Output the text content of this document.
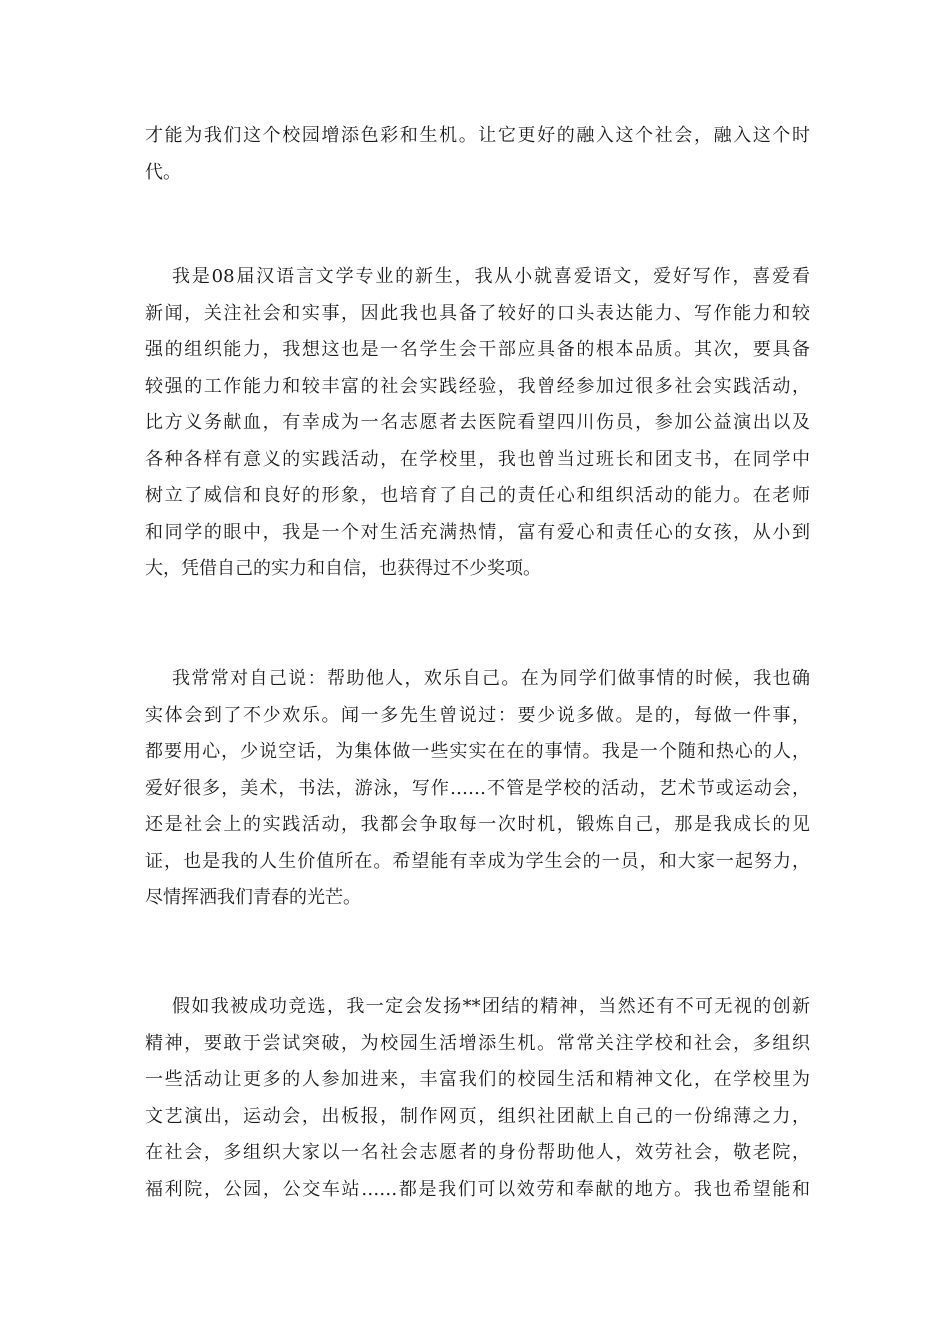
才能为我们这个校园增添色彩和生机。让它更好的融入这个社会，融入这个时
代。
我是08届汉语言文学专业的新生，我从小就喜爱语文，爱好写作，喜爱看
新闻，关注社会和实事，因此我也具备了较好的口头表达能力、写作能力和较
强的组织能力，我想这也是一名学生会干部应具备的根本品质。其次，要具备
较强的工作能力和较丰富的社会实践经验，我曾经参加过很多社会实践活动，
比方义务献血，有幸成为一名志愿者去医院看望四川伤员，参加公益演出以及
各种各样有意义的实践活动，在学校里，我也曾当过班长和团支书，在同学中
树立了威信和良好的形象，也培育了自己的责任心和组织活动的能力。在老师
和同学的眼中，我是一个对生活充满热情，富有爱心和责任心的女孩，从小到
大，凭借自己的实力和自信，也获得过不少奖项。
我常常对自己说：帮助他人，欢乐自己。在为同学们做事情的时候，我也确
实体会到了不少欢乐。闻一多先生曾说过：要少说多做。是的，每做一件事，
都要用心，少说空话，为集体做一些实实在在的事情。我是一个随和热心的人，
爱好很多，美术，书法，游泳，写作……不管是学校的活动，艺术节或运动会，
还是社会上的实践活动，我都会争取每一次时机，锻炼自己，那是我成长的见
证，也是我的人生价值所在。希望能有幸成为学生会的一员，和大家一起努力，
尽情挥洒我们青春的光芒。
假如我被成功竞选，我一定会发扬**团结的精神，当然还有不可无视的创新
精神，要敢于尝试突破，为校园生活增添生机。常常关注学校和社会，多组织
一些活动让更多的人参加进来，丰富我们的校园生活和精神文化，在学校里为
文艺演出，运动会，出板报，制作网页，组织社团献上自己的一份绵薄之力，
在社会，多组织大家以一名社会志愿者的身份帮助他人，效劳社会，敬老院，
福利院，公园，公交车站……都是我们可以效劳和奉献的地方。我也希望能和
